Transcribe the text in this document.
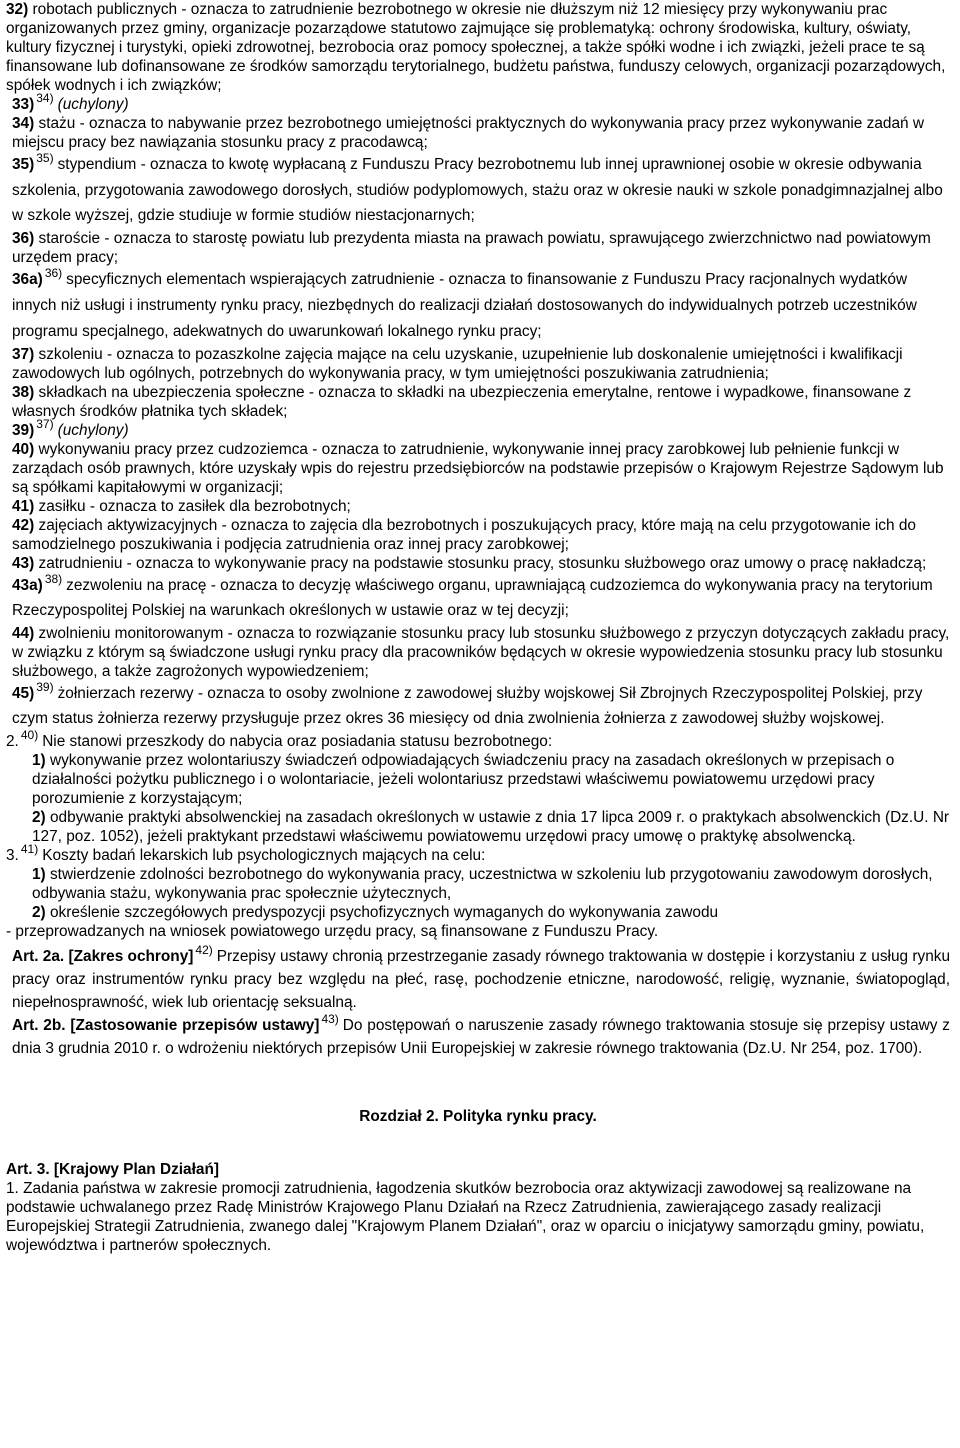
32) robotach publicznych - oznacza to zatrudnienie bezrobotnego w okresie nie dłuższym niż 12 miesięcy przy wykonywaniu prac organizowanych przez gminy, organizacje pozarządowe statutowo zajmujące się problematyką: ochrony środowiska, kultury, oświaty, kultury fizycznej i turystyki, opieki zdrowotnej, bezrobocia oraz pomocy społecznej, a także spółki wodne i ich związki, jeżeli prace te są finansowane lub dofinansowane ze środków samorządu terytorialnego, budżetu państwa, funduszy celowych, organizacji pozarządowych, spółek wodnych i ich związków;

33) $^{34)}$ (uchylony)

34) stażu - oznacza to nabywanie przez bezrobotnego umiejętności praktycznych do wykonywania pracy przez wykonywanie zadań w miejscu pracy bez nawiązania stosunku pracy z pracodawcą;

35) $^{35)}$ stypendium - oznacza to kwotę wypłacaną z Funduszu Pracy bezrobotnemu lub innej uprawnionej osobie w okresie odbywania szkolenia, przygotowania zawodowego dorosłych, studiów podyplomowych, stażu oraz w okresie nauki w szkole ponadgimnazjalnej albo w szkole wyższej, gdzie studiuje w formie studiów niestacjonarnych;

36) staroście - oznacza to starostę powiatu lub prezydenta miasta na prawach powiatu, sprawującego zwierzchnictwo nad powiatowym urzędem pracy;

36a) $^{36)}$ specyficznych elementach wspierających zatrudnienie - oznacza to finansowanie z Funduszu Pracy racjonalnych wydatków innych niż usługi i instrumenty rynku pracy, niezbędnych do realizacji działań dostosowanych do indywidualnych potrzeb uczestników programu specjalnego, adekwatnych do uwarunkowań lokalnego rynku pracy;

37) szkoleniu - oznacza to pozaszkolne zajęcia mające na celu uzyskanie, uzupełnienie lub doskonalenie umiejętności i kwalifikacji zawodowych lub ogólnych, potrzebnych do wykonywania pracy, w tym umiejętności poszukiwania zatrudnienia;

38) składkach na ubezpieczenia społeczne - oznacza to składki na ubezpieczenia emerytalne, rentowe i wypadkowe, finansowane z własnych środków płatnika tych składek;

39) $^{37)}$ (uchylony)

40) wykonywaniu pracy przez cudzoziemca - oznacza to zatrudnienie, wykonywanie innej pracy zarobkowej lub pełnienie funkcji w zarządach osób prawnych, które uzyskały wpis do rejestru przedsiębiorców na podstawie przepisów o Krajowym Rejestrze Sądowym lub są spółkami kapitałowymi w organizacji;

41) zasiłku - oznacza to zasiłek dla bezrobotnych;

42) zajęciach aktywizacyjnych - oznacza to zajęcia dla bezrobotnych i poszukujących pracy, które mają na celu przygotowanie ich do samodzielnego poszukiwania i podjęcia zatrudnienia oraz innej pracy zarobkowej;

43) zatrudnieniu - oznacza to wykonywanie pracy na podstawie stosunku pracy, stosunku służbowego oraz umowy o pracę nakładczą;

43a) $^{38)}$ zezwoleniu na pracę - oznacza to decyzję właściwego organu, uprawniającą cudzoziemca do wykonywania pracy na terytorium Rzeczypospolitej Polskiej na warunkach określonych w ustawie oraz w tej decyzji;

44) zwolnieniu monitorowanym - oznacza to rozwiązanie stosunku pracy lub stosunku służbowego z przyczyn dotyczących zakładu pracy, w związku z którym są świadczone usługi rynku pracy dla pracowników będących w okresie wypowiedzenia stosunku pracy lub stosunku służbowego, a także zagrożonych wypowiedzeniem;

45) $^{39)}$ żołnierzach rezerwy - oznacza to osoby zwolnione z zawodowej służby wojskowej Sił Zbrojnych Rzeczypospolitej Polskiej, przy czym status żołnierza rezerwy przysługuje przez okres 36 miesięcy od dnia zwolnienia żołnierza z zawodowej służby wojskowej.

2. $^{40)}$ Nie stanowi przeszkody do nabycia oraz posiadania statusu bezrobotnego:

1) wykonywanie przez wolontariuszy świadczeń odpowiadających świadczeniu pracy na zasadach określonych w przepisach o działalności pożytku publicznego i o wolontariacie, jeżeli wolontariusz przedstawi właściwemu powiatowemu urzędowi pracy porozumienie z korzystającym;

2) odbywanie praktyki absolwenckiej na zasadach określonych w ustawie z dnia 17 lipca 2009 r. o praktykach absolwenckich (Dz.U. Nr 127, poz. 1052), jeżeli praktykant przedstawi właściwemu powiatowemu urzędowi pracy umowę o praktykę absolwencką.

3. $^{41)}$ Koszty badań lekarskich lub psychologicznych mających na celu:

1) stwierdzenie zdolności bezrobotnego do wykonywania pracy, uczestnictwa w szkoleniu lub przygotowaniu zawodowym dorosłych, odbywania stażu, wykonywania prac społecznie użytecznych,

2) określenie szczegółowych predyspozycji psychofizycznych wymaganych do wykonywania zawodu

- przeprowadzanych na wniosek powiatowego urzędu pracy, są finansowane z Funduszu Pracy.

Art. 2a. [Zakres ochrony] $^{42)}$ Przepisy ustawy chronią przestrzeganie zasady równego traktowania w dostępie i korzystaniu z usług rynku pracy oraz instrumentów rynku pracy bez względu na płeć, rasę, pochodzenie etniczne, narodowość, religię, wyznanie, światopogląd, niepełnosprawność, wiek lub orientację seksualną.

Art. 2b. [Zastosowanie przepisów ustawy] $^{43)}$ Do postępowań o naruszenie zasady równego traktowania stosuje się przepisy ustawy z dnia 3 grudnia 2010 r. o wdrożeniu niektórych przepisów Unii Europejskiej w zakresie równego traktowania (Dz.U. Nr 254, poz. 1700).

Rozdział 2. Polityka rynku pracy.

Art. 3. [Krajowy Plan Działań]

1. Zadania państwa w zakresie promocji zatrudnienia, łagodzenia skutków bezrobocia oraz aktywizacji zawodowej są realizowane na podstawie uchwalanego przez Radę Ministrów Krajowego Planu Działań na Rzecz Zatrudnienia, zawierającego zasady realizacji Europejskiej Strategii Zatrudnienia, zwanego dalej "Krajowym Planem Działań", oraz w oparciu o inicjatywy samorządu gminy, powiatu, województwa i partnerów społecznych.
